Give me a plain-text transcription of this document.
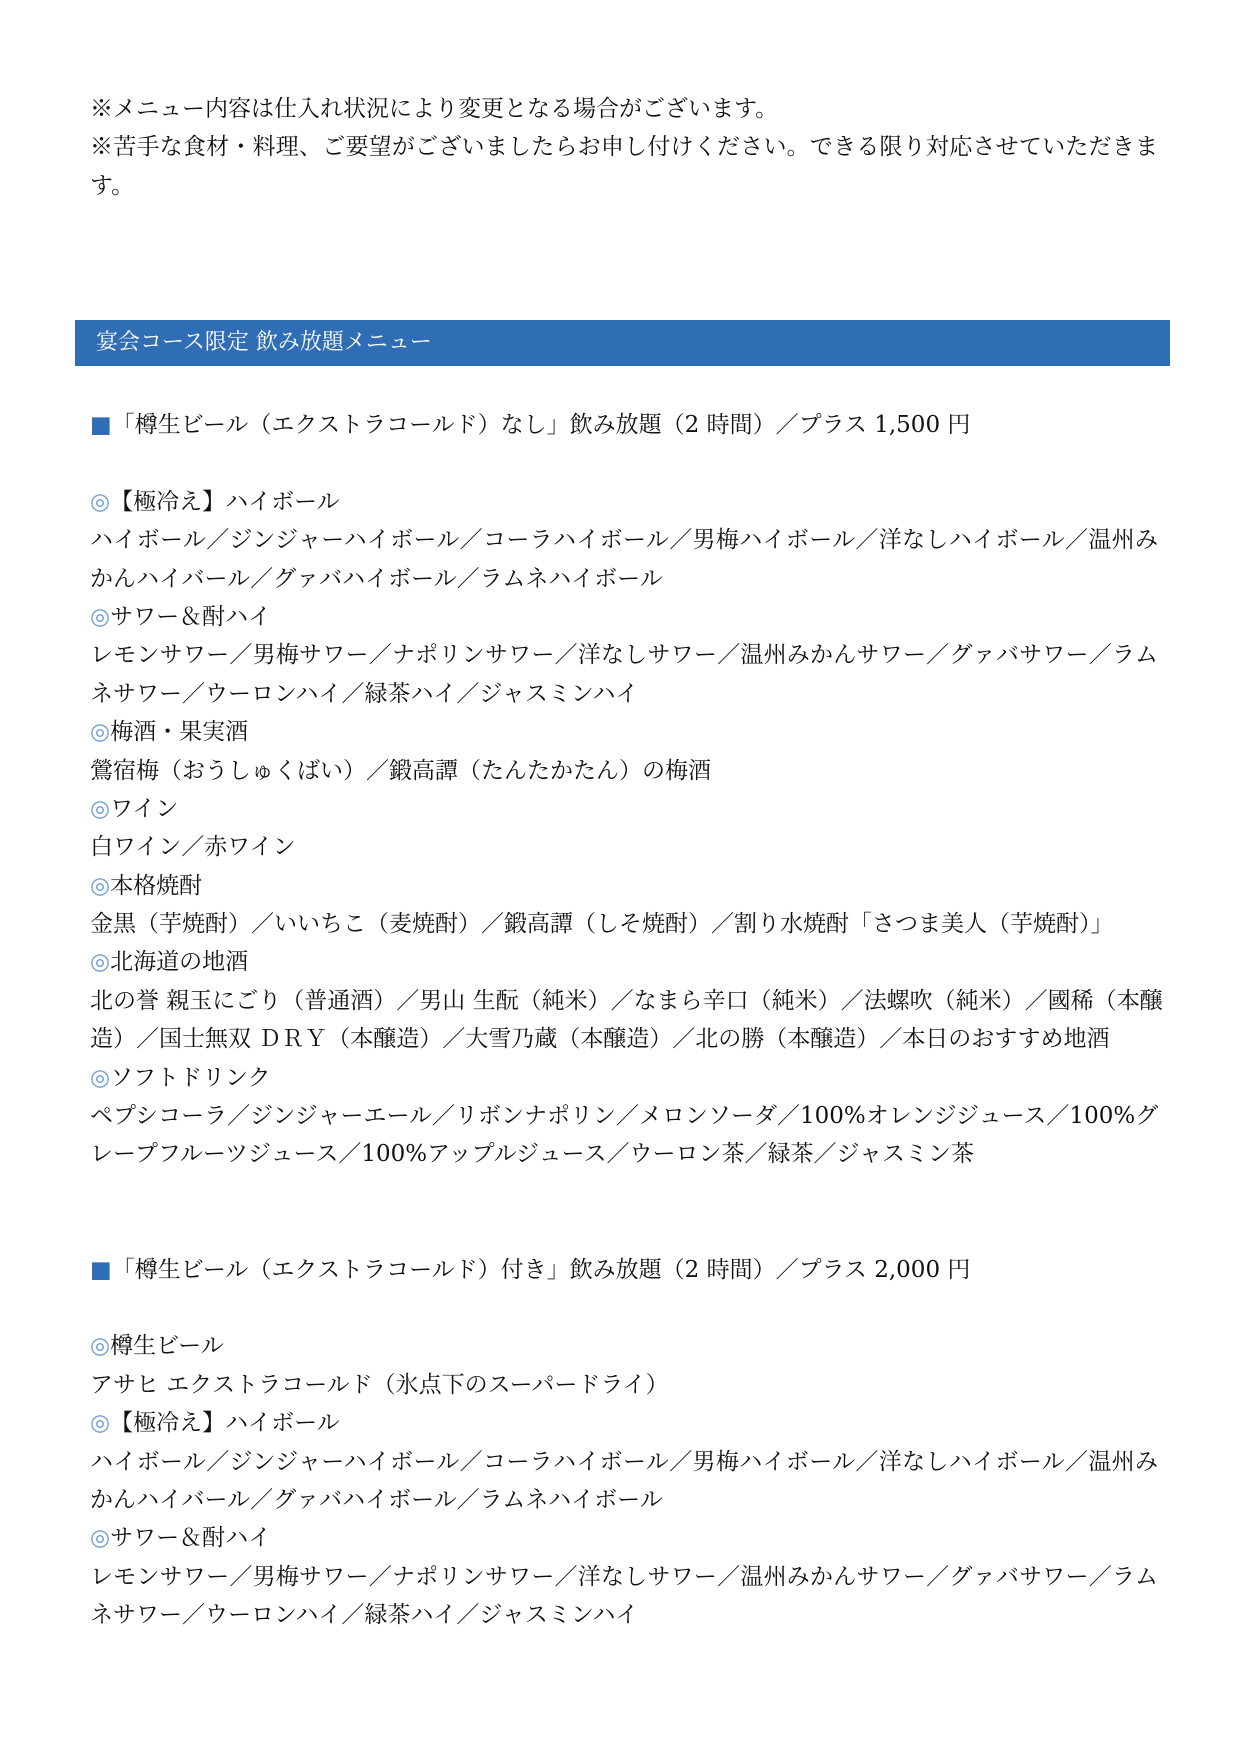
※メニュー内容は仕入れ状況により変更となる場合がございます。
※苦手な食材・料理、ご要望がございましたらお申し付けください。できる限り対応させていただきま
す。
宴会コース限定 飲み放題メニュー
■「樽生ビール（エクストラコールド）なし」飲み放題（2 時間）／プラス 1,500 円
◎【極冷え】ハイボール
ハイボール／ジンジャーハイボール／コーラハイボール／男梅ハイボール／洋なしハイボール／温州み
かんハイバール／グァバハイボール／ラムネハイボール
◎サワー＆酎ハイ
レモンサワー／男梅サワー／ナポリンサワー／洋なしサワー／温州みかんサワー／グァバサワー／ラム
ネサワー／ウーロンハイ／緑茶ハイ／ジャスミンハイ
◎梅酒・果実酒
鶯宿梅（おうしゅくばい）／鍛高譚（たんたかたん）の梅酒
◎ワイン
白ワイン／赤ワイン
◎本格焼酎
金黒（芋焼酎）／いいちこ（麦焼酎）／鍛高譚（しそ焼酎）／割り水焼酎「さつま美人（芋焼酎）」
◎北海道の地酒
北の誉 親玉にごり（普通酒）／男山 生酛（純米）／なまら辛口（純米）／法螺吹（純米）／國稀（本醸
造）／国士無双 ＤＲＹ（本醸造）／大雪乃蔵（本醸造）／北の勝（本醸造）／本日のおすすめ地酒
◎ソフトドリンク
ペプシコーラ／ジンジャーエール／リボンナポリン／メロンソーダ／100%オレンジジュース／100%グ
レープフルーツジュース／100%アップルジュース／ウーロン茶／緑茶／ジャスミン茶
■「樽生ビール（エクストラコールド）付き」飲み放題（2 時間）／プラス 2,000 円
◎樽生ビール
アサヒ エクストラコールド（氷点下のスーパードライ）
◎【極冷え】ハイボール
ハイボール／ジンジャーハイボール／コーラハイボール／男梅ハイボール／洋なしハイボール／温州み
かんハイバール／グァバハイボール／ラムネハイボール
◎サワー＆酎ハイ
レモンサワー／男梅サワー／ナポリンサワー／洋なしサワー／温州みかんサワー／グァバサワー／ラム
ネサワー／ウーロンハイ／緑茶ハイ／ジャスミンハイ
